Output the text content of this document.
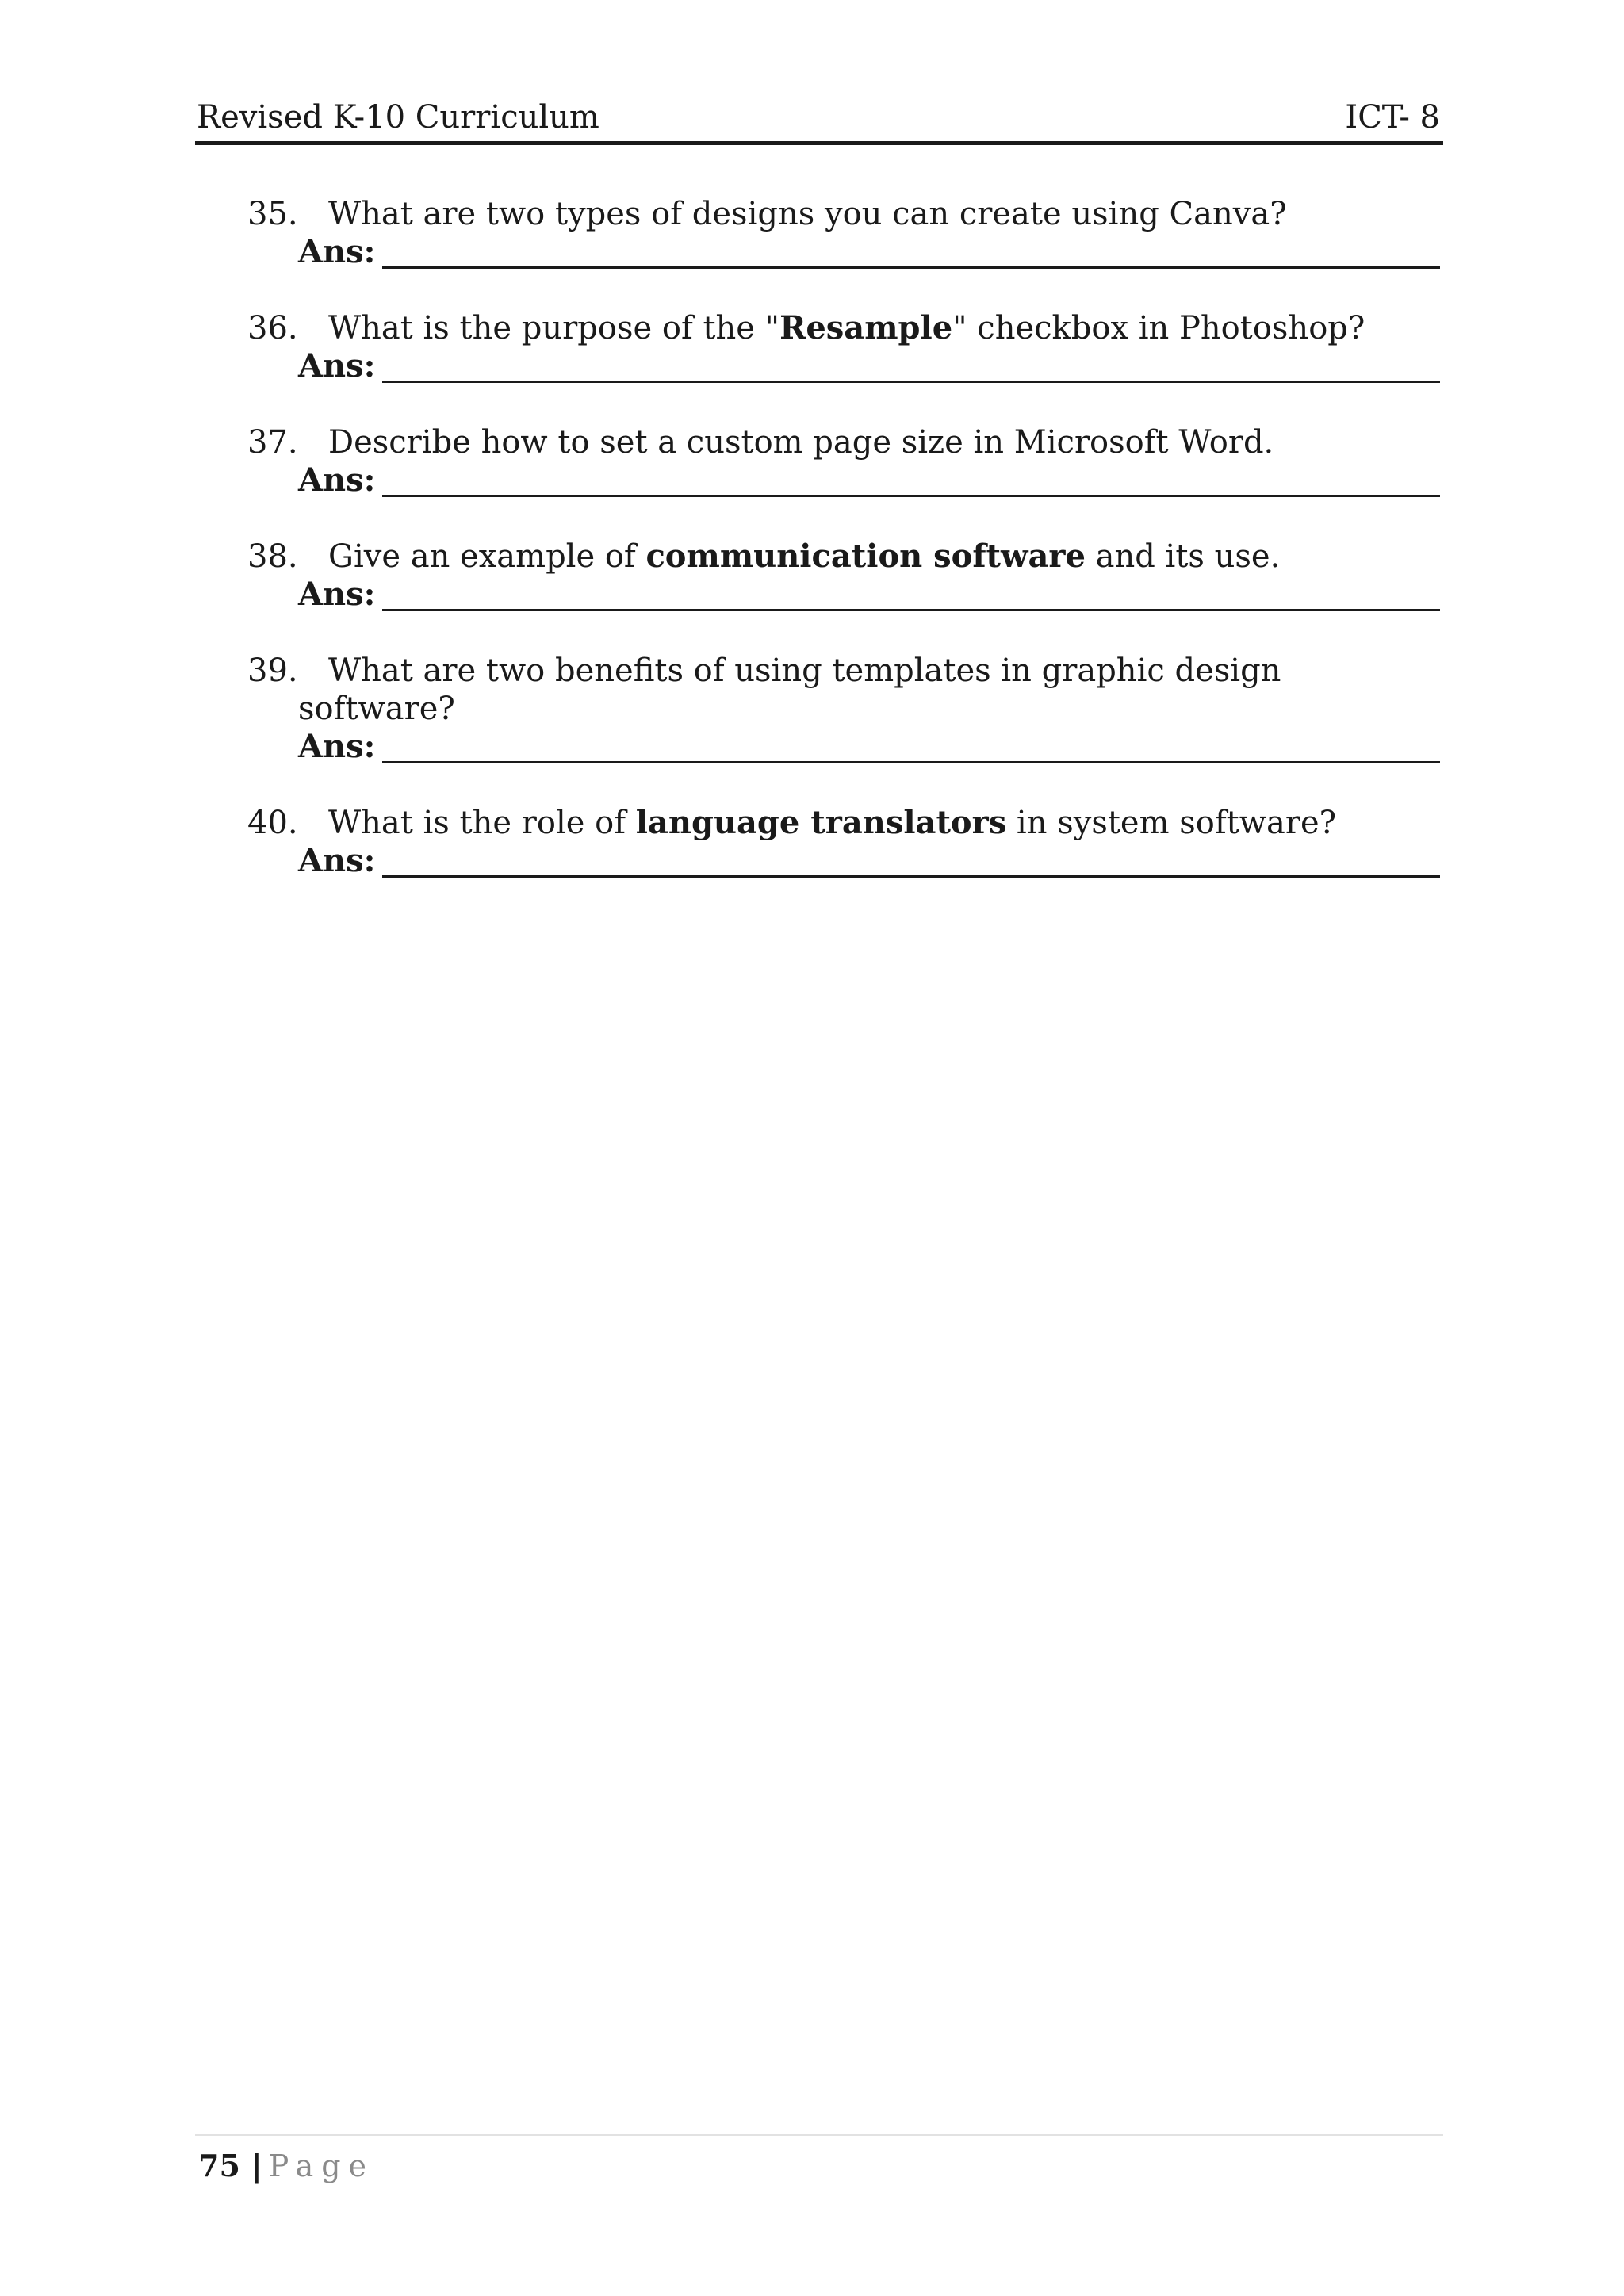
Revised K-10 Curriculum	ICT- 8
35. What are two types of designs you can create using Canva?
Ans:
36. What is the purpose of the "Resample" checkbox in Photoshop?
Ans:
37. Describe how to set a custom page size in Microsoft Word.
Ans:
38. Give an example of communication software and its use.
Ans:
39. What are two benefits of using templates in graphic design
software?
Ans:
40. What is the role of language translators in system software?
Ans:
75 | Page
